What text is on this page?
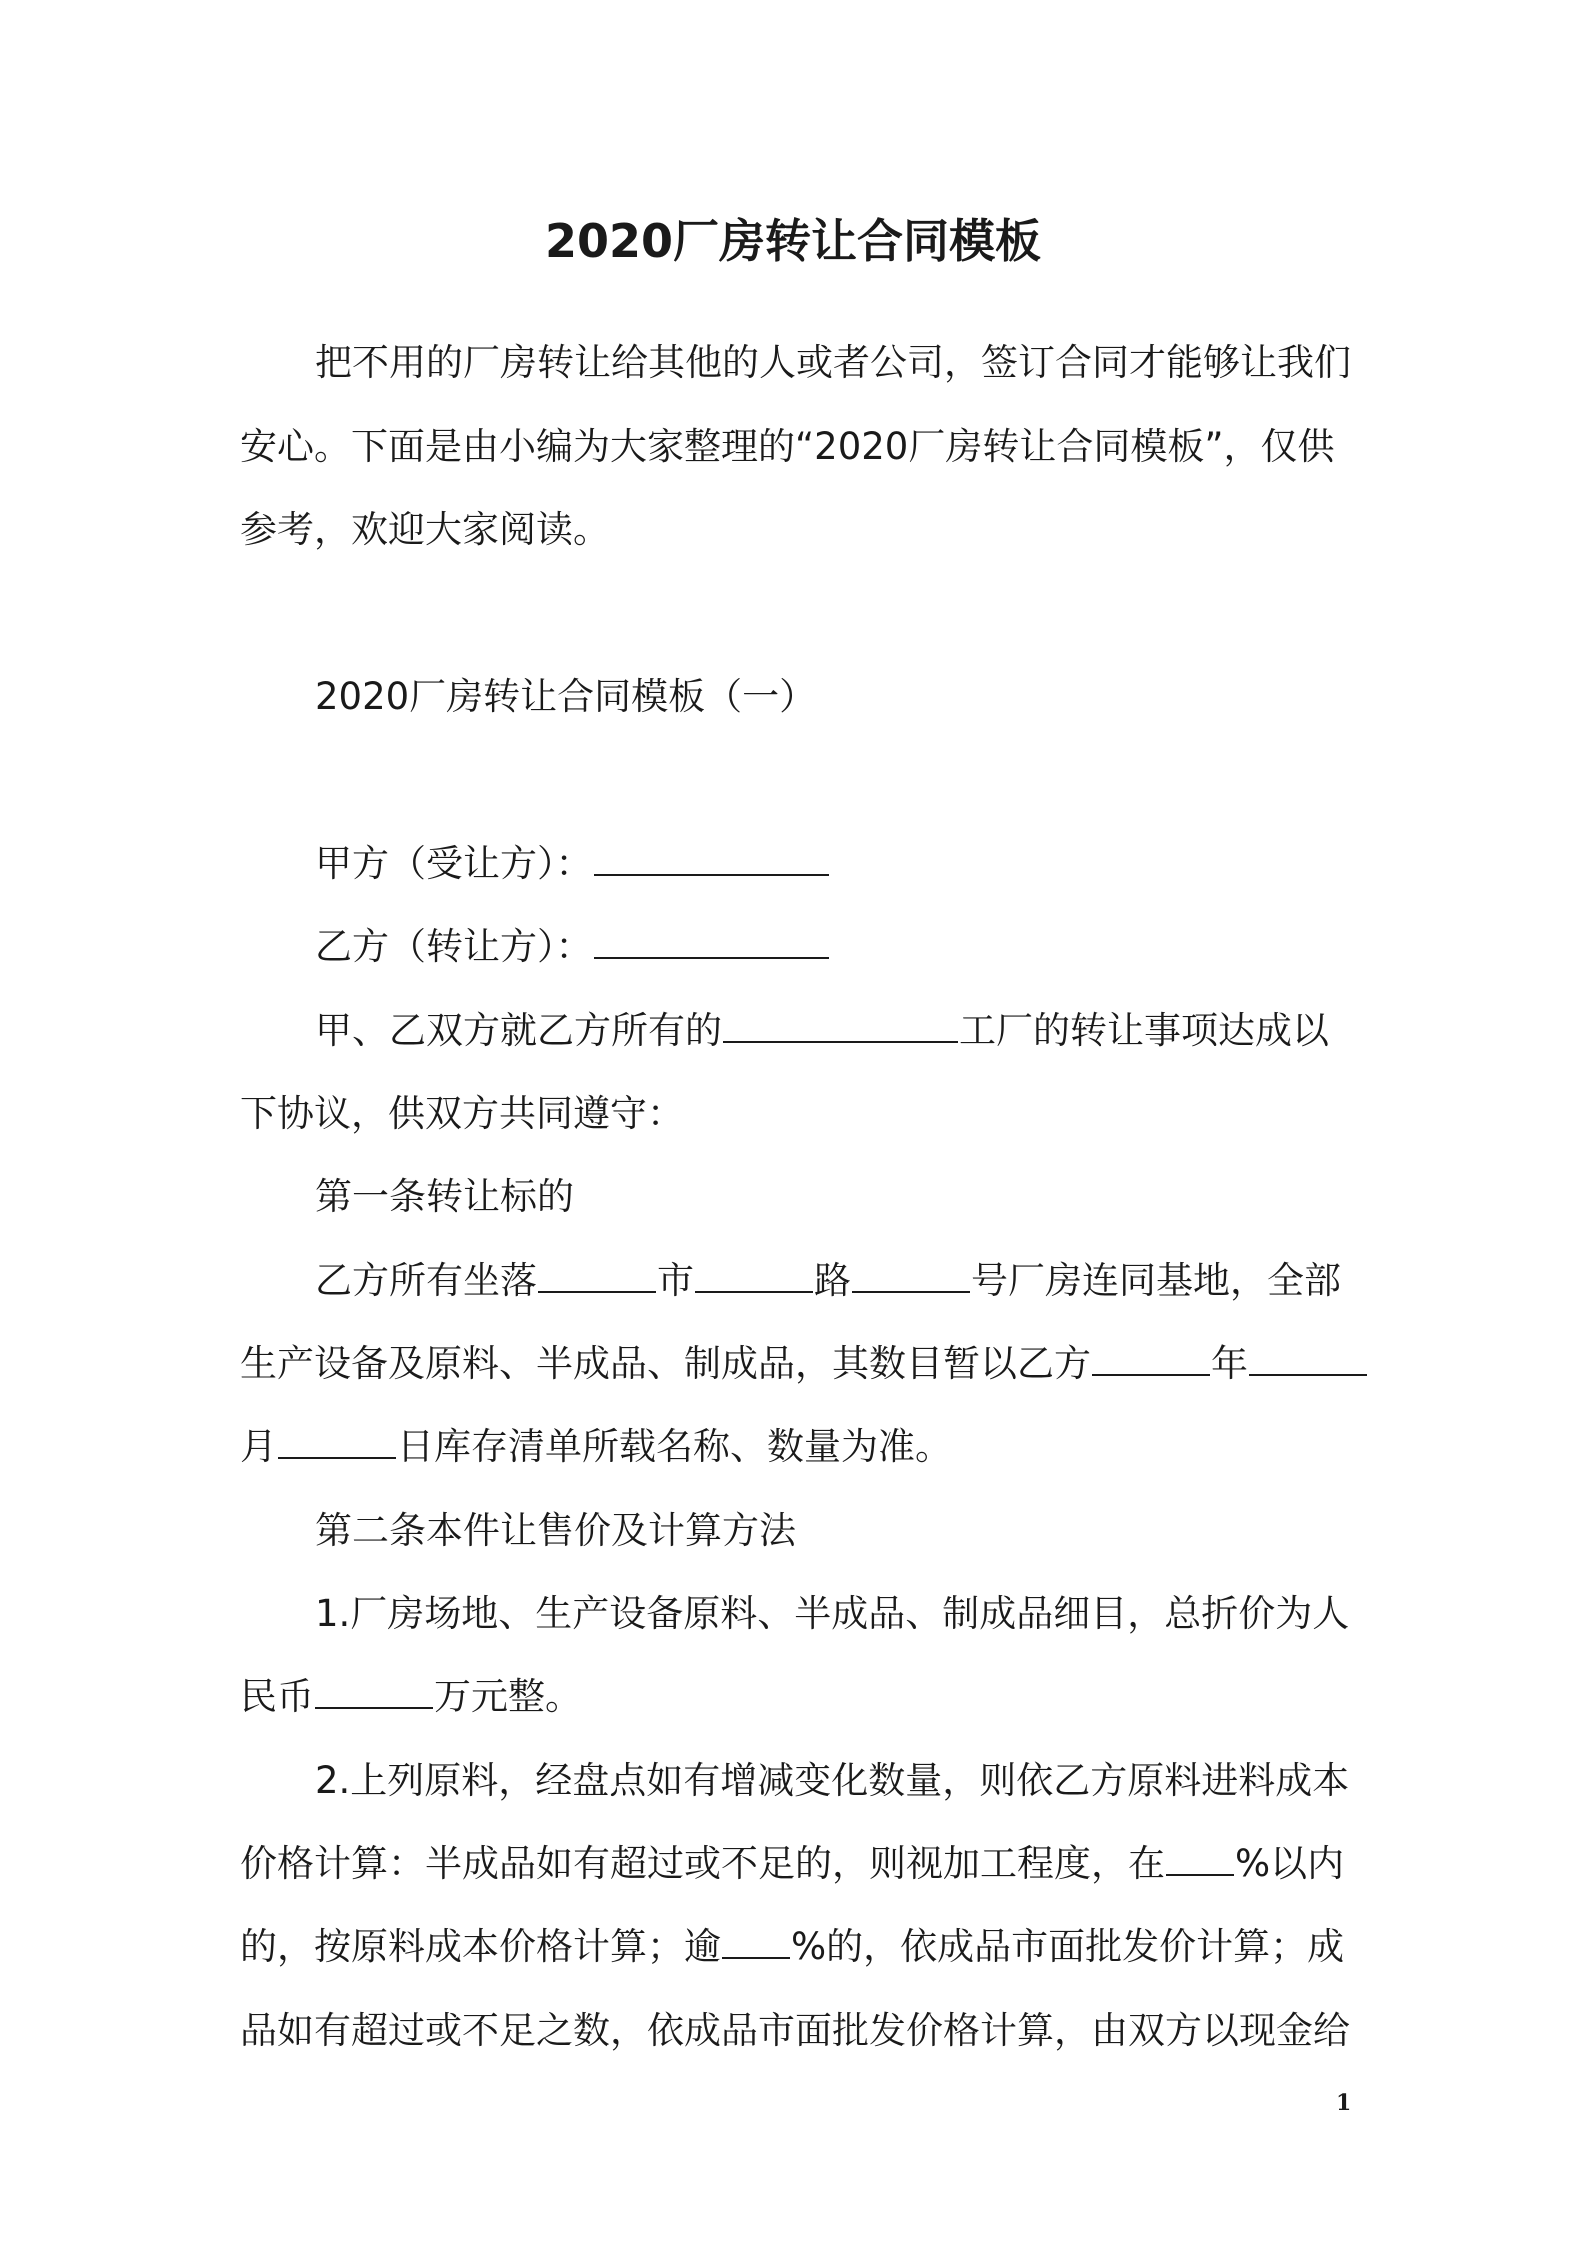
2020厂房转让合同模板
把不用的厂房转让给其他的人或者公司，签订合同才能够让我们
安心。下面是由小编为大家整理的“2020厂房转让合同模板”，仅供
参考，欢迎大家阅读。
2020厂房转让合同模板（一）
甲方（受让方）：
乙方（转让方）：
甲、乙双方就乙方所有的	工厂的转让事项达成以
下协议，供双方共同遵守：
第一条转让标的
乙方所有坐落	市	路	号厂房连同基地，全部
生产设备及原料、半成品、制成品，其数目暂以乙方	年
月	日库存清单所载名称、数量为准。
第二条本件让售价及计算方法
1.厂房场地、生产设备原料、半成品、制成品细目，总折价为人
民币	万元整。
2.上列原料，经盘点如有增减变化数量，则依乙方原料进料成本
价格计算：半成品如有超过或不足的，则视加工程度，在 %以内
的，按原料成本价格计算；逾 %的，依成品市面批发价计算；成
品如有超过或不足之数，依成品市面批发价格计算，由双方以现金给
1
